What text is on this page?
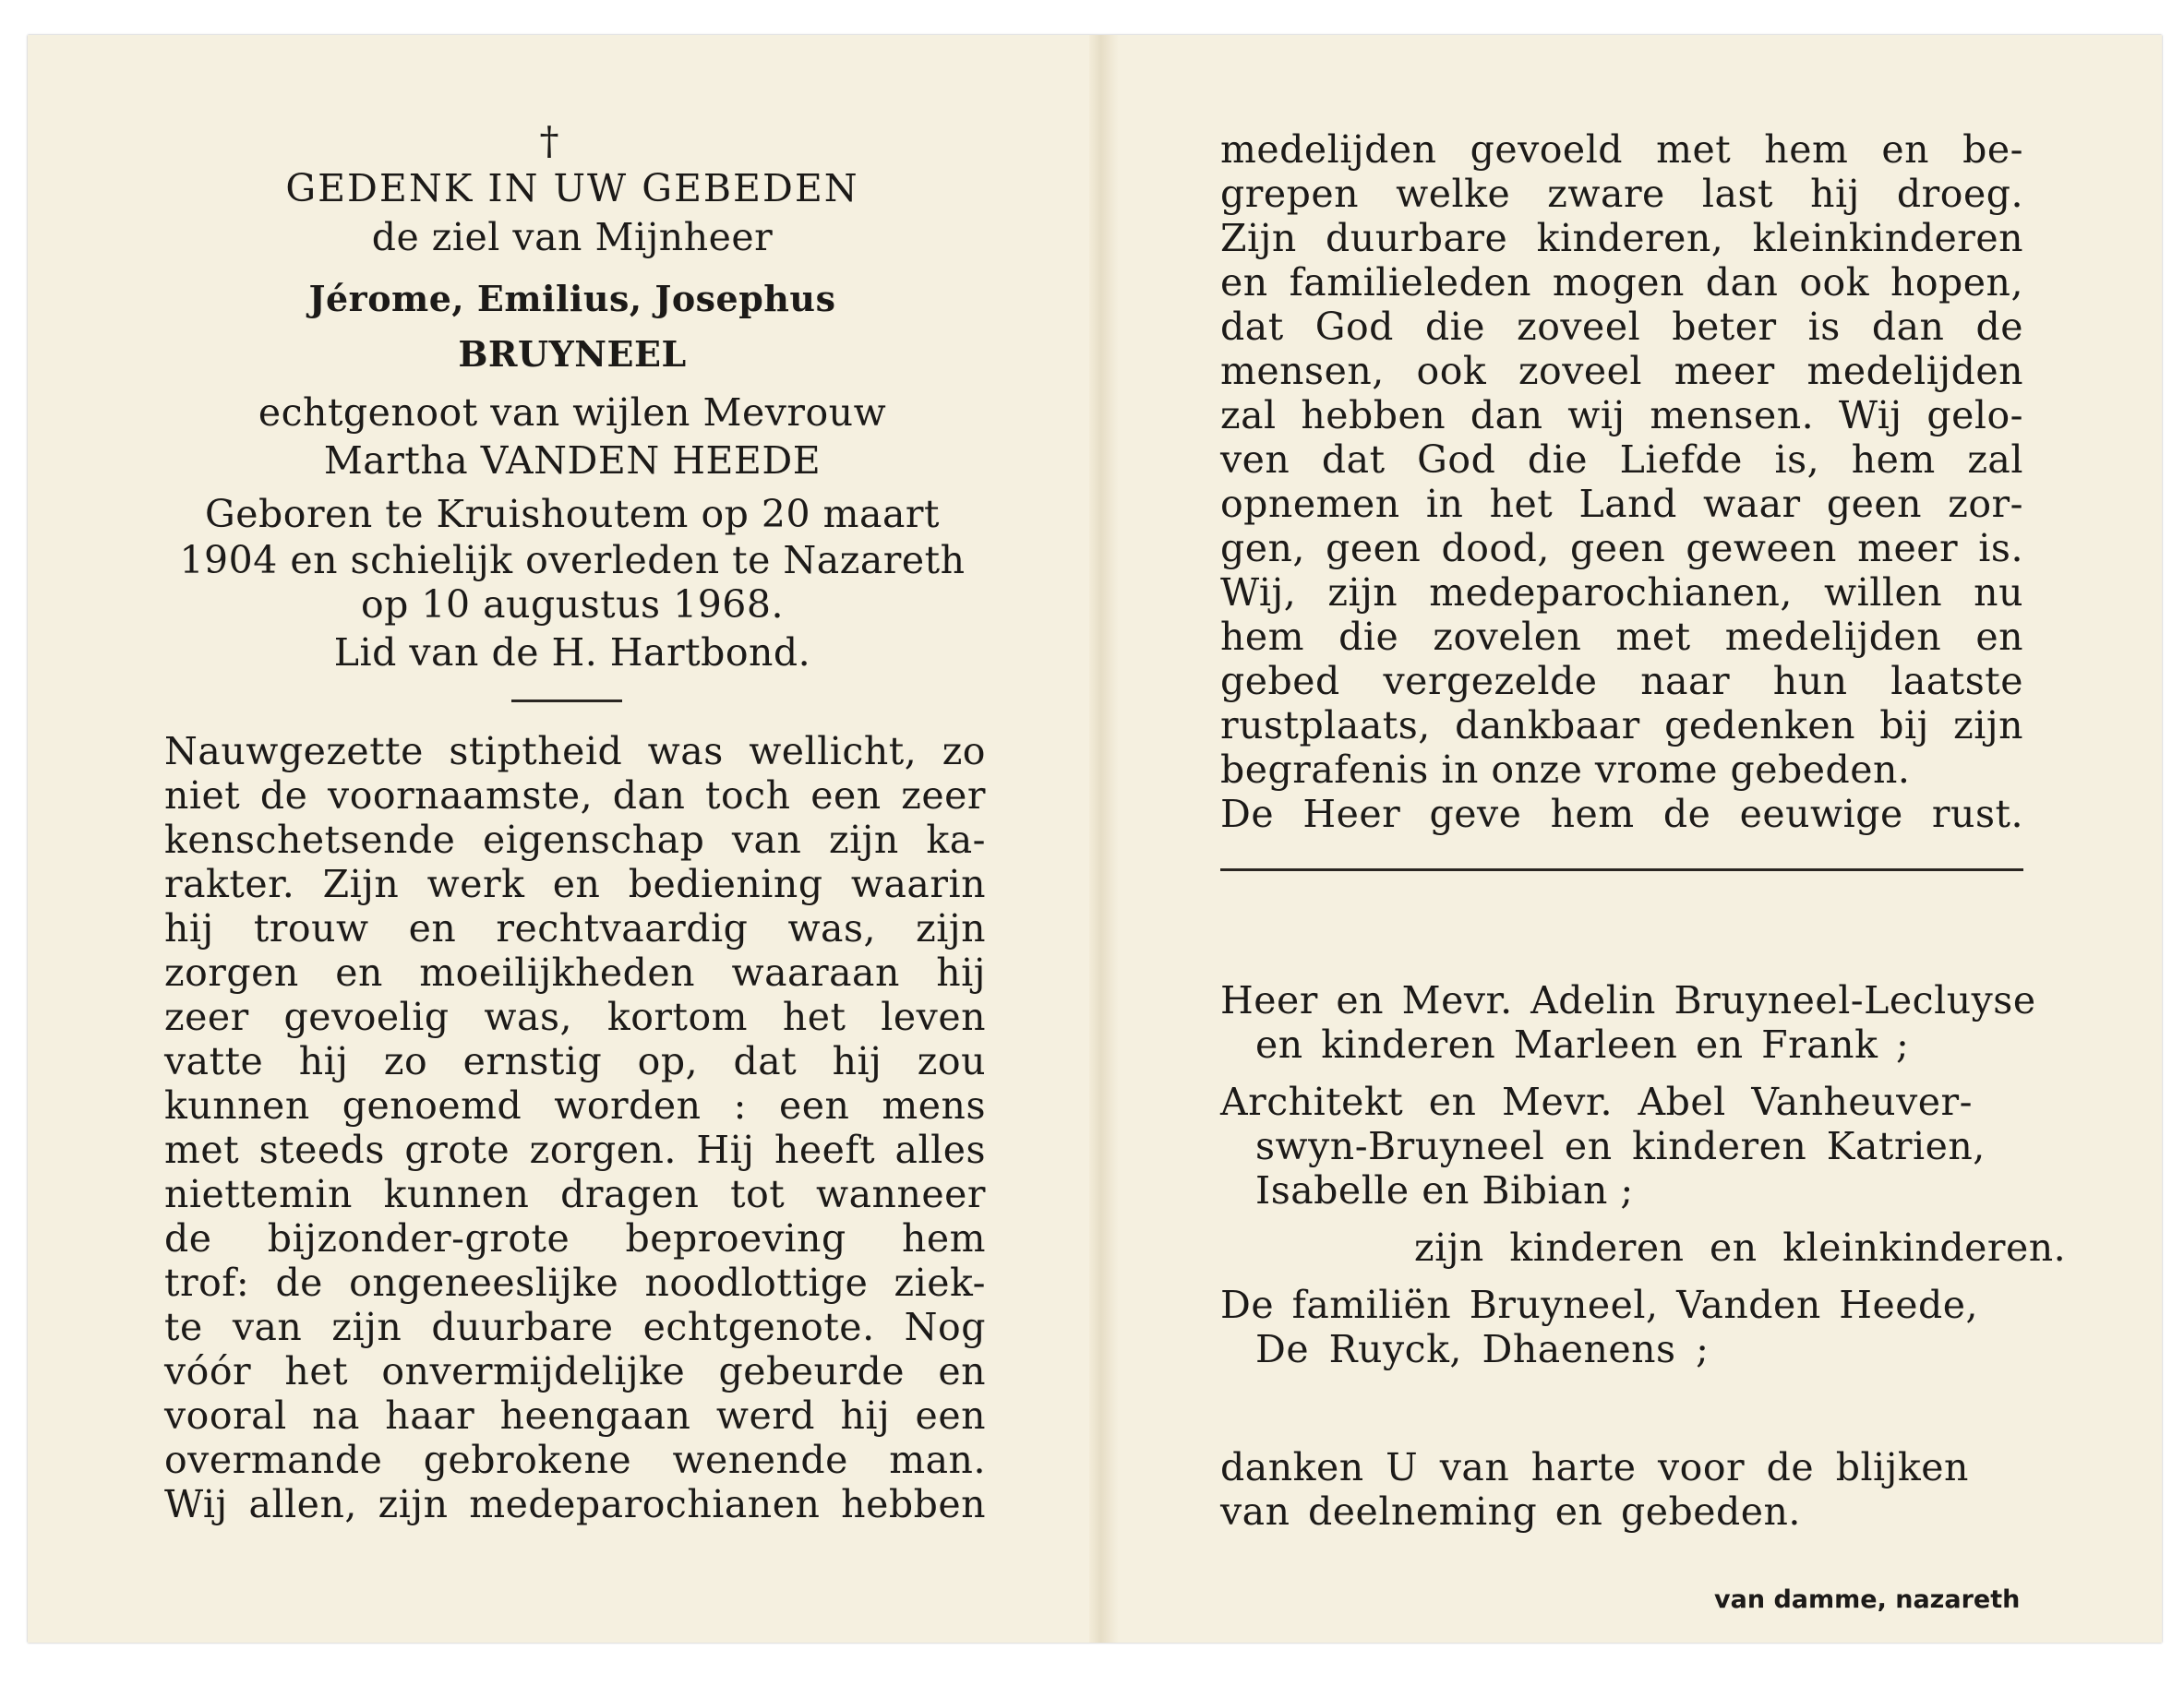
†
GEDENK IN UW GEBEDEN
de ziel van Mijnheer
Jérome, Emilius, Josephus
BRUYNEEL
echtgenoot van wijlen Mevrouw
Martha VANDEN HEEDE
Geboren te Kruishoutem op 20 maart
1904 en schielijk overleden te Nazareth
op 10 augustus 1968.
Lid van de H. Hartbond.
Nauwgezette stiptheid was wellicht, zo
niet de voornaamste, dan toch een zeer
kenschetsende eigenschap van zijn ka-
rakter. Zijn werk en bediening waarin
hij trouw en rechtvaardig was, zijn
zorgen en moeilijkheden waaraan hij
zeer gevoelig was, kortom het leven
vatte hij zo ernstig op, dat hij zou
kunnen genoemd worden : een mens
met steeds grote zorgen. Hij heeft alles
niettemin kunnen dragen tot wanneer
de bijzonder-grote beproeving hem
trof: de ongeneeslijke noodlottige ziek-
te van zijn duurbare echtgenote. Nog
vóór het onvermijdelijke gebeurde en
vooral na haar heengaan werd hij een
overmande gebrokene wenende man.
Wij allen, zijn medeparochianen hebben
medelijden gevoeld met hem en be-
grepen welke zware last hij droeg.
Zijn duurbare kinderen, kleinkinderen
en familieleden mogen dan ook hopen,
dat God die zoveel beter is dan de
mensen, ook zoveel meer medelijden
zal hebben dan wij mensen. Wij gelo-
ven dat God die Liefde is, hem zal
opnemen in het Land waar geen zor-
gen, geen dood, geen geween meer is.
Wij, zijn medeparochianen, willen nu
hem die zovelen met medelijden en
gebed vergezelde naar hun laatste
rustplaats, dankbaar gedenken bij zijn
begrafenis in onze vrome gebeden.
De Heer geve hem de eeuwige rust.
Heer en Mevr. Adelin Bruyneel-Lecluyse
en kinderen Marleen en Frank ;
Architekt en Mevr. Abel Vanheuver-
swyn-Bruyneel en kinderen Katrien,
Isabelle en Bibian ;
zijn kinderen en kleinkinderen.
De familiën Bruyneel, Vanden Heede,
De Ruyck, Dhaenens ;
danken U van harte voor de blijken
van deelneming en gebeden.
van damme, nazareth
